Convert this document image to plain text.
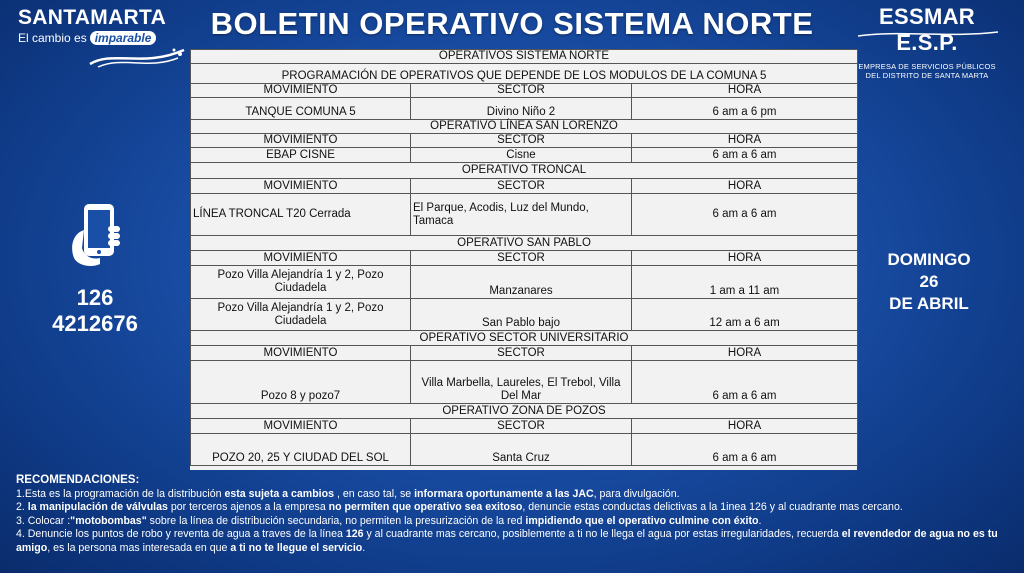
SANTAMARTA
El cambio es imparable	BOLETIN OPERATIVO SISTEMA NORTE	ESSMAR E.S.P.
EMPRESA DE SERVICIOS PÚBLICOS
DEL DISTRITO DE SANTA MARTA
126
4212676
DOMINGO
26
DE ABRIL
OPERATIVOS SISTEMA NORTE		
PROGRAMACIÓN DE OPERATIVOS QUE DEPENDE DE LOS MODULOS DE LA COMUNA 5		
MOVIMIENTO	SECTOR	HORA
TANQUE COMUNA 5	Divino Niño 2	6 am a 6 pm
OPERATIVO LÍNEA SAN LORENZO		
MOVIMIENTO	SECTOR	HORA
EBAP CISNE	Cisne	6 am a 6 am
OPERATIVO TRONCAL		
MOVIMIENTO	SECTOR	HORA
LÍNEA TRONCAL T20 Cerrada	El Parque, Acodis, Luz del Mundo, Tamaca	6 am a 6 am
OPERATIVO SAN PABLO		
MOVIMIENTO	SECTOR	HORA
Pozo Villa Alejandría 1 y 2, Pozo Ciudadela	Manzanares	1 am a 11 am
Pozo Villa Alejandría 1 y 2, Pozo Ciudadela	San Pablo bajo	12 am a 6 am
OPERATIVO SECTOR UNIVERSITARIO		
MOVIMIENTO	SECTOR	HORA
Pozo 8 y pozo7	Villa Marbella, Laureles, El Trebol, Villa Del Mar	6 am a 6 am
OPERATIVO ZONA DE POZOS		
MOVIMIENTO	SECTOR	HORA
POZO 20, 25 Y CIUDAD DEL SOL	Santa Cruz	6 am a 6 am
RECOMENDACIONES:
1.Esta es la programación de la distribución esta sujeta a cambios , en caso tal, se informara oportunamente a las JAC, para divulgación.
2. la manipulación de válvulas por terceros ajenos a la empresa no permiten que operativo sea exitoso, denuncie estas conductas delictivas a la 1inea 126 y al cuadrante mas cercano.
3. Colocar :"motobombas" sobre la línea de distribución secundaria, no permiten la presurización de la red impidiendo que el operativo culmine con éxito.
4. Denuncie los puntos de robo y reventa de agua a traves de la línea 126 y al cuadrante mas cercano, posiblemente a ti no le llega el agua por estas irregularidades, recuerda el revendedor de agua no es tu amigo, es la persona mas interesada en que a ti no te llegue el servicio.
